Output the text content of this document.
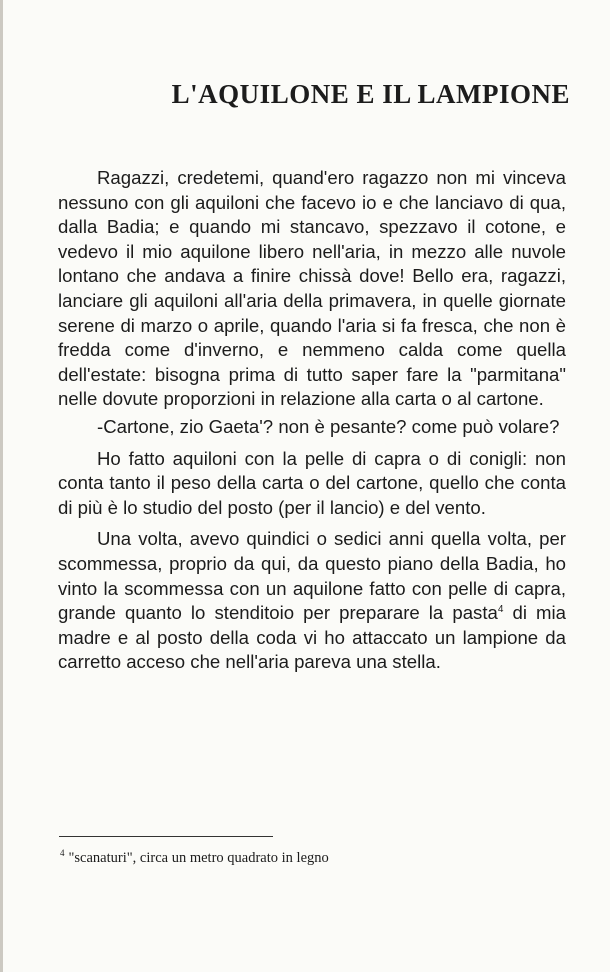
L'AQUILONE E IL LAMPIONE

Ragazzi, credetemi, quand'ero ragazzo non mi vinceva nessuno con gli aquiloni che facevo io e che lanciavo di qua, dalla Badia; e quando mi stancavo, spezzavo il cotone, e vedevo il mio aquilone libero nell'aria, in mezzo alle nuvole lontano che andava a finire chissà dove! Bello era, ragazzi, lanciare gli aquiloni all'aria della primavera, in quelle giornate serene di marzo o aprile, quando l'aria si fa fresca, che non è fredda come d'inverno, e nemmeno calda come quella dell'estate: bisogna prima di tutto saper fare la "parmitana" nelle dovute proporzioni in relazione alla carta o al cartone.

-Cartone, zio Gaeta'? non è pesante? come può volare?

Ho fatto aquiloni con la pelle di capra o di conigli: non conta tanto il peso della carta o del cartone, quello che conta di più è lo studio del posto (per il lancio) e del vento.

Una volta, avevo quindici o sedici anni quella volta, per scommessa, proprio da qui, da questo piano della Badia, ho vinto la scommessa con un aquilone fatto con pelle di capra, grande quanto lo stenditoio per preparare la pasta$^4$ di mia madre e al posto della coda vi ho attaccato un lampione da carretto acceso che nell'aria pareva una stella.

$^4$ "scanaturi", circa un metro quadrato in legno
